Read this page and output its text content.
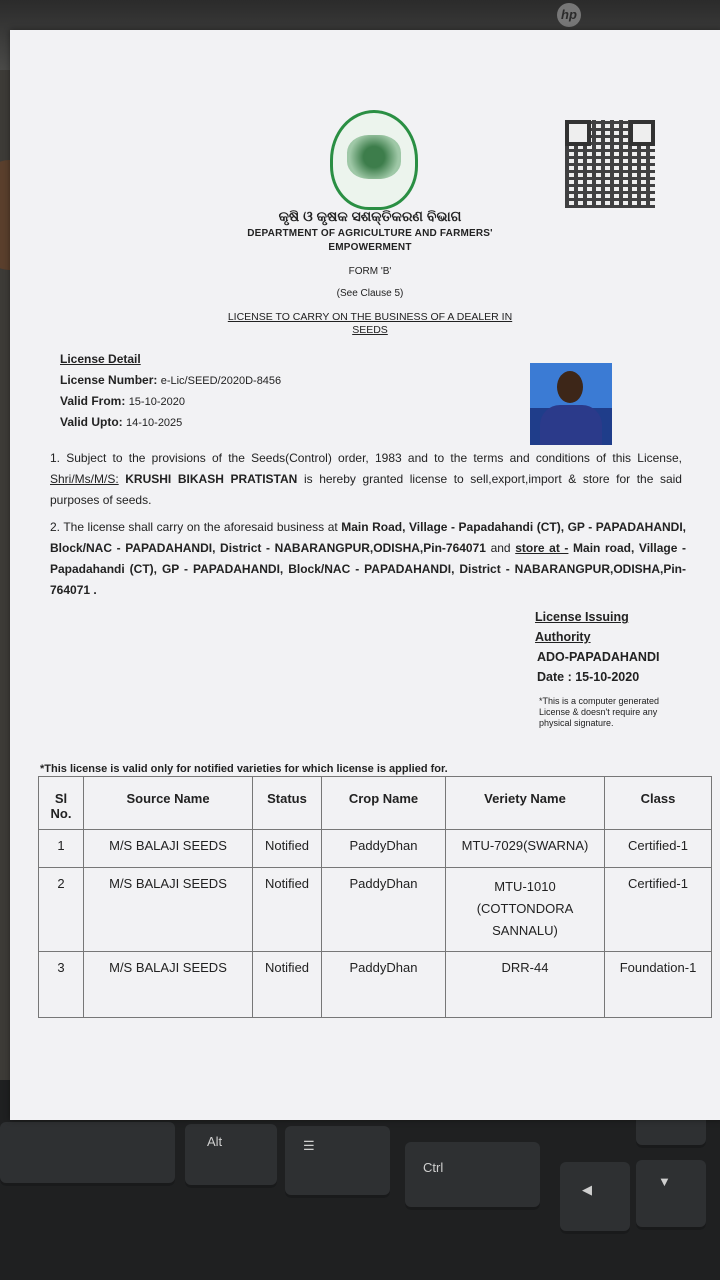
hp
Alt	☰
Ctrl
◀
▼
କୃଷି ଓ କୃଷକ ସଶକ୍ତିକରଣ ବିଭାଗ
DEPARTMENT OF AGRICULTURE AND FARMERS'
EMPOWERMENT
FORM 'B'
(See Clause 5)
LICENSE TO CARRY ON THE BUSINESS OF A DEALER IN
SEEDS
License Detail
License Number: e-Lic/SEED/2020D-8456
Valid From: 15-10-2020
Valid Upto: 14-10-2025
1. Subject to the provisions of the Seeds(Control) order, 1983 and to the terms and conditions of this License, Shri/Ms/M/S: KRUSHI BIKASH PRATISTAN is hereby granted license to sell,export,import & store for the said purposes of seeds.
2. The license shall carry on the aforesaid business at Main Road, Village - Papadahandi (CT), GP - PAPADAHANDI, Block/NAC - PAPADAHANDI, District - NABARANGPUR,ODISHA,Pin-764071 and store at - Main road, Village - Papadahandi (CT), GP - PAPADAHANDI, Block/NAC - PAPADAHANDI, District - NABARANGPUR,ODISHA,Pin-764071 .
License Issuing
Authority
ADO-PAPADAHANDI
Date : 15-10-2020
*This is a computer generated License & doesn't require any physical signature.
*This license is valid only for notified varieties for which license is applied for.
Sl No.	Source Name	Status	Crop Name	Veriety Name	Class
1	M/S BALAJI SEEDS	Notified	PaddyDhan	MTU-7029(SWARNA)	Certified-1
2	M/S BALAJI SEEDS	Notified	PaddyDhan	MTU-1010 (COTTONDORA SANNALU)	Certified-1
3	M/S BALAJI SEEDS	Notified	PaddyDhan	DRR-44	Foundation-1
